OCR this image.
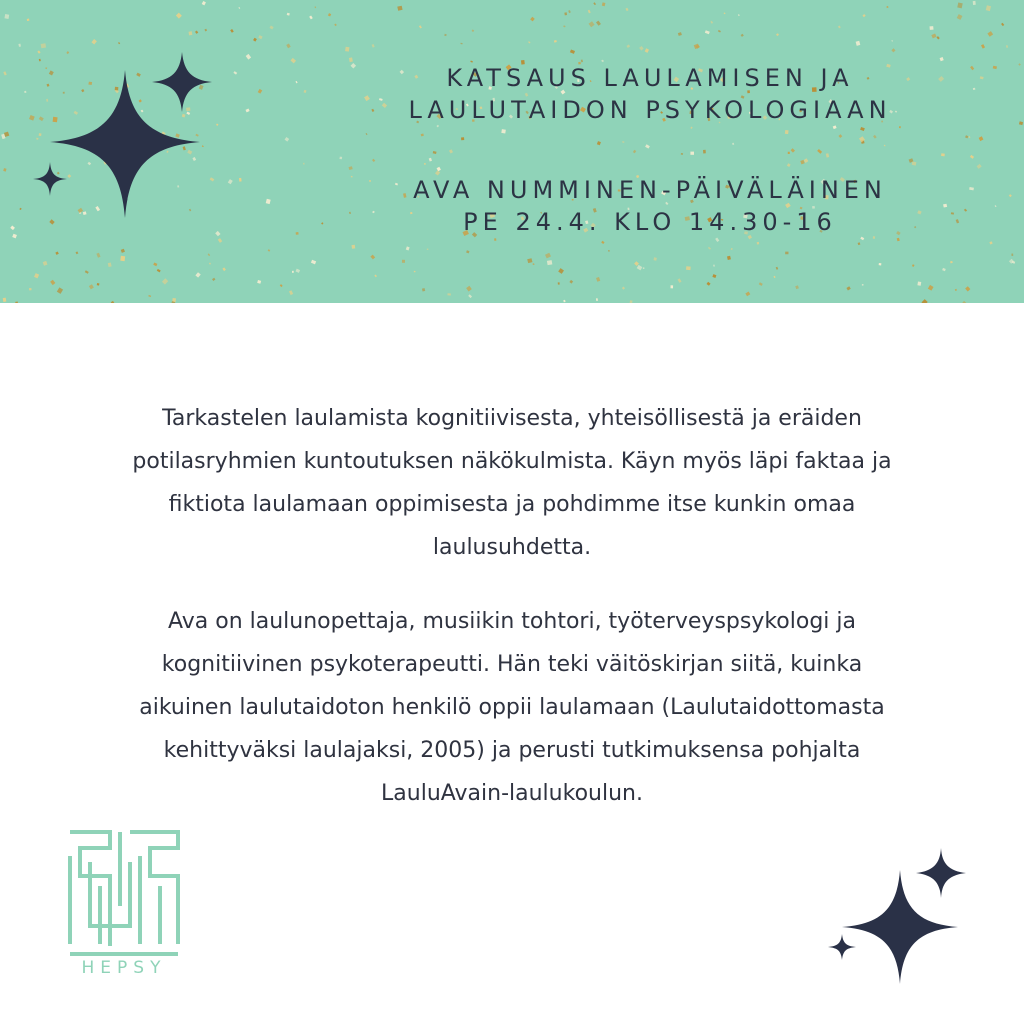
KATSAUS LAULAMISEN JA
LAULUTAIDON PSYKOLOGIAAN
AVA NUMMINEN-PÄIVÄLÄINEN
PE 24.4. KLO 14.30-16
Tarkastelen laulamista kognitiivisesta, yhteisöllisestä ja eräiden
potilasryhmien kuntoutuksen näkökulmista. Käyn myös läpi faktaa ja
fiktiota laulamaan oppimisesta ja pohdimme itse kunkin omaa
laulusuhdetta.
Ava on laulunopettaja, musiikin tohtori, työterveyspsykologi ja
kognitiivinen psykoterapeutti. Hän teki väitöskirjan siitä, kuinka
aikuinen laulutaidoton henkilö oppii laulamaan (Laulutaidottomasta
kehittyväksi laulajaksi, 2005) ja perusti tutkimuksensa pohjalta
LauluAvain-laulukoulun.
HEPSY
